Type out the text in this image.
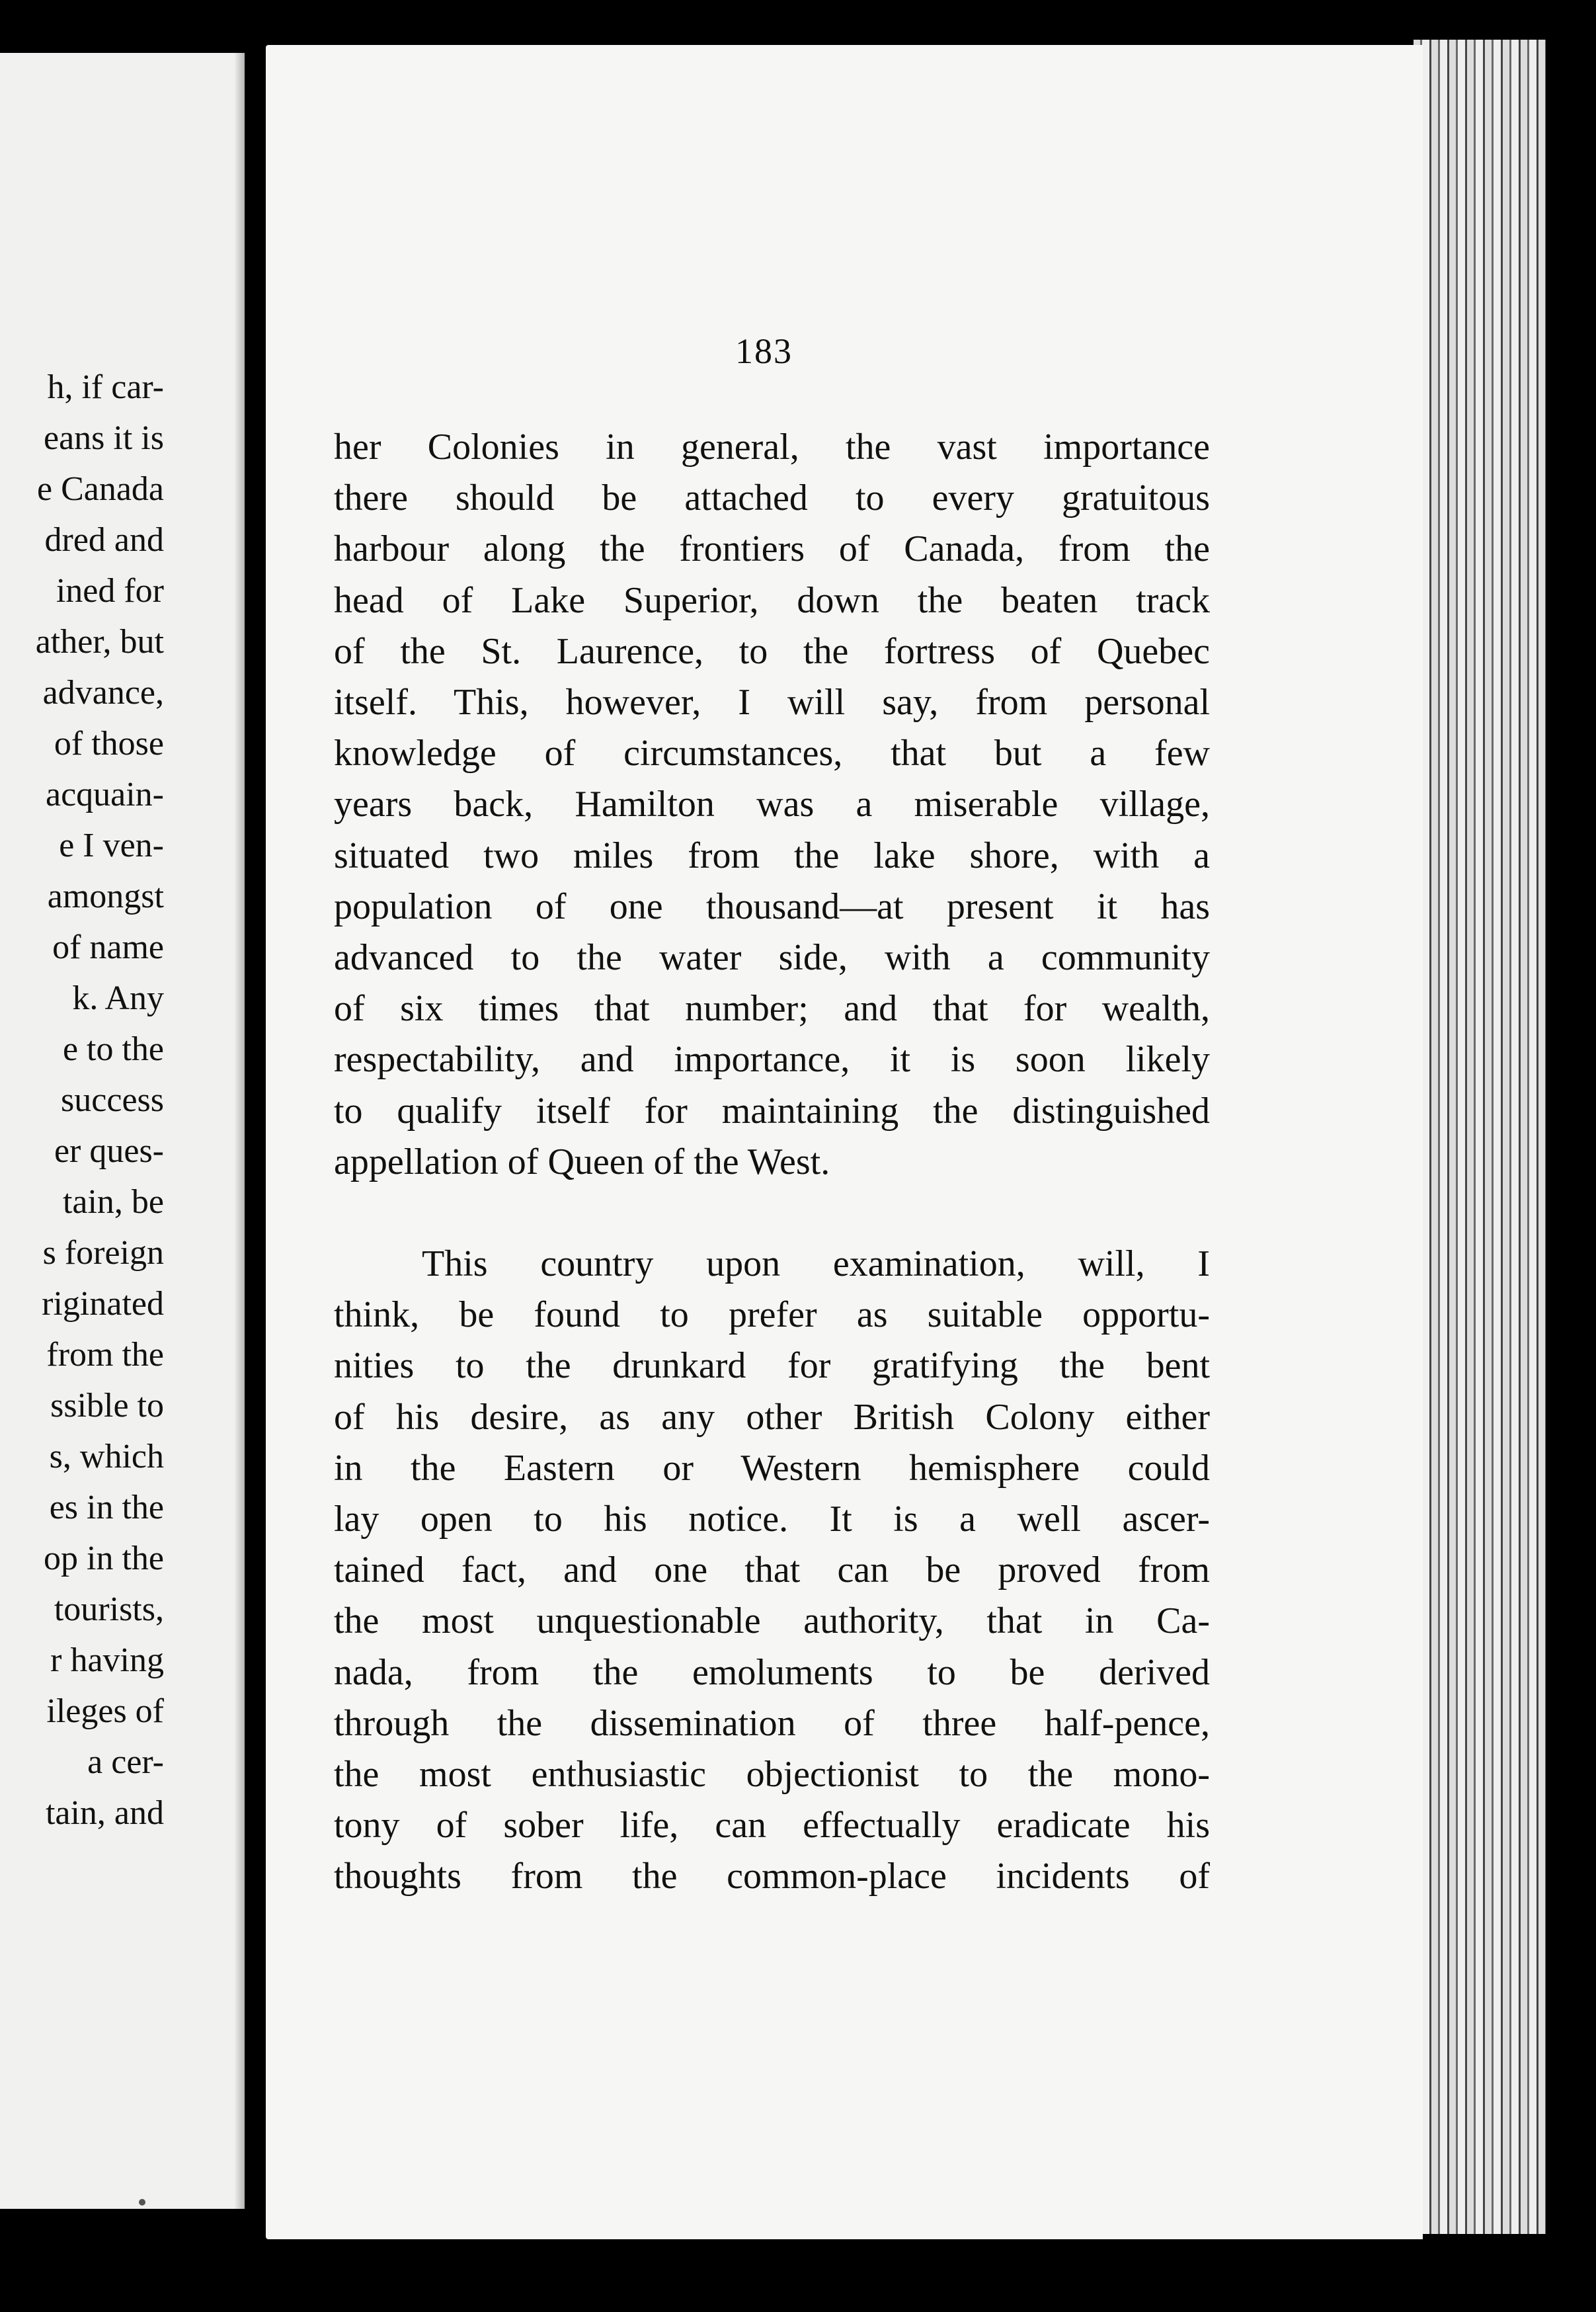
h, if car-
eans it is
e Canada
dred and
ined for
ather, but
advance,
of those
acquain-
e I ven-
amongst
of name
k. Any
e to the
success
er ques-
tain, be
s foreign
riginated
from the
ssible to
s, which
es in the
op in the
tourists,
r having
ileges of
a cer-
tain, and
183
her Colonies in general, the vast importance
there should be attached to every gratuitous
harbour along the frontiers of Canada, from the
head of Lake Superior, down the beaten track
of the St. Laurence, to the fortress of Quebec
itself. This, however, I will say, from personal
knowledge of circumstances, that but a few
years back, Hamilton was a miserable village,
situated two miles from the lake shore, with a
population of one thousand—at present it has
advanced to the water side, with a community
of six times that number; and that for wealth,
respectability, and importance, it is soon likely
to qualify itself for maintaining the distinguished
appellation of Queen of the West.
This country upon examination, will, I
think, be found to prefer as suitable opportu-
nities to the drunkard for gratifying the bent
of his desire, as any other British Colony either
in the Eastern or Western hemisphere could
lay open to his notice. It is a well ascer-
tained fact, and one that can be proved from
the most unquestionable authority, that in Ca-
nada, from the emoluments to be derived
through the dissemination of three half-pence,
the most enthusiastic objectionist to the mono-
tony of sober life, can effectually eradicate his
thoughts from the common-place incidents of
